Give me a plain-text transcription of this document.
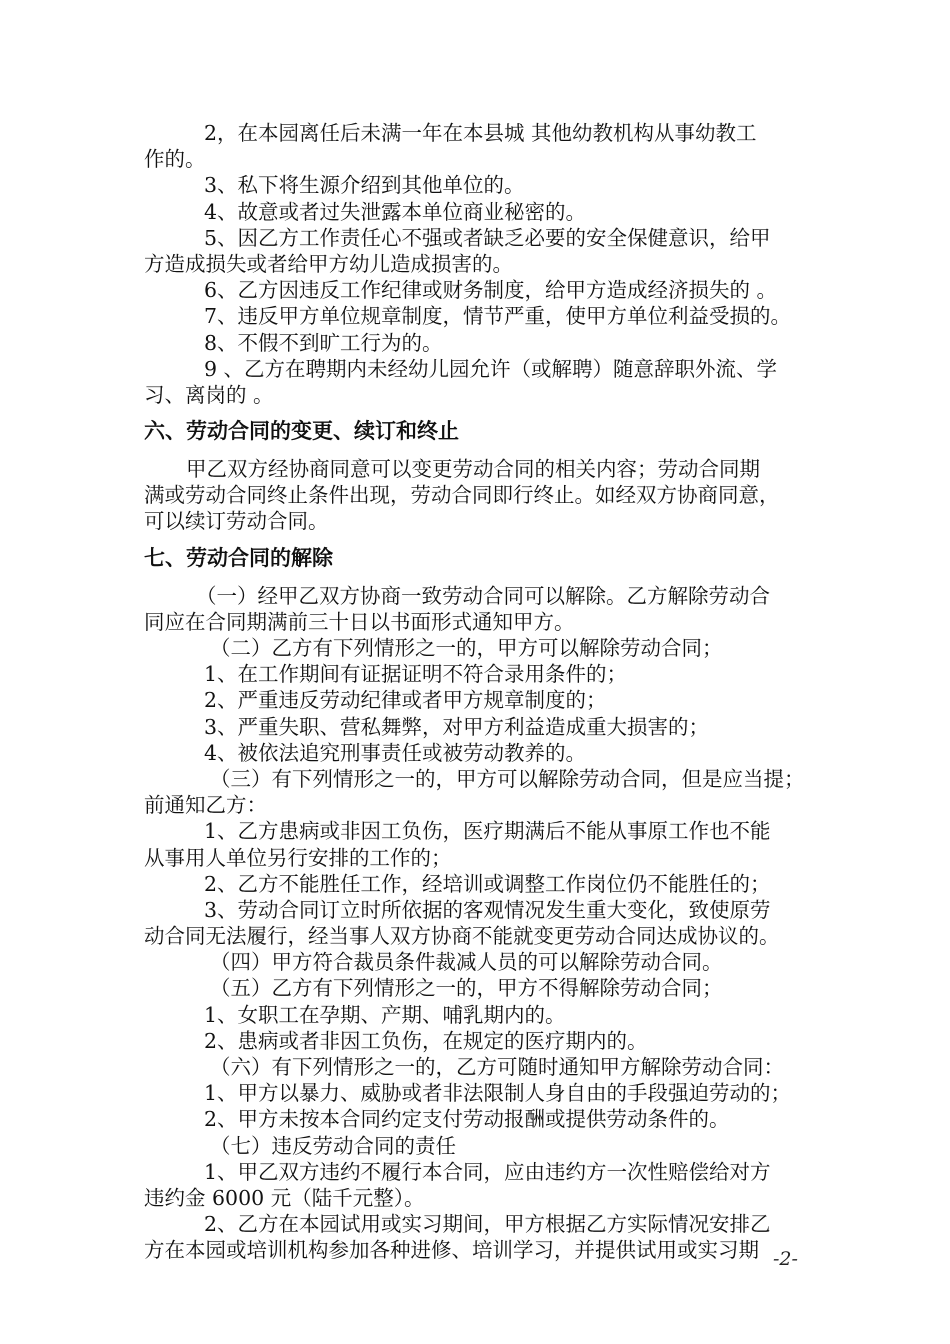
2，在本园离任后未满一年在本县城 其他幼教机构从事幼教工
作的。
3、私下将生源介绍到其他单位的。
4、故意或者过失泄露本单位商业秘密的。
5、因乙方工作责任心不强或者缺乏必要的安全保健意识，给甲
方造成损失或者给甲方幼儿造成损害的。
6、乙方因违反工作纪律或财务制度，给甲方造成经济损失的 。
7、违反甲方单位规章制度，情节严重，使甲方单位利益受损的。
8、不假不到旷工行为的。
9 、乙方在聘期内未经幼儿园允许（或解聘）随意辞职外流、学
习、离岗的 。
六、劳动合同的变更、续订和终止
甲乙双方经协商同意可以变更劳动合同的相关内容；劳动合同期
满或劳动合同终止条件出现，劳动合同即行终止。如经双方协商同意，
可以续订劳动合同。
七、劳动合同的解除
（一）经甲乙双方协商一致劳动合同可以解除。乙方解除劳动合
同应在合同期满前三十日以书面形式通知甲方。
（二）乙方有下列情形之一的，甲方可以解除劳动合同；
1、在工作期间有证据证明不符合录用条件的；
2、严重违反劳动纪律或者甲方规章制度的；
3、严重失职、营私舞弊，对甲方利益造成重大损害的；
4、被依法追究刑事责任或被劳动教养的。
（三）有下列情形之一的，甲方可以解除劳动合同，但是应当提；
前通知乙方：
1、乙方患病或非因工负伤，医疗期满后不能从事原工作也不能
从事用人单位另行安排的工作的；
2、乙方不能胜任工作，经培训或调整工作岗位仍不能胜任的；
3、劳动合同订立时所依据的客观情况发生重大变化，致使原劳
动合同无法履行，经当事人双方协商不能就变更劳动合同达成协议的。
（四）甲方符合裁员条件裁减人员的可以解除劳动合同。
（五）乙方有下列情形之一的，甲方不得解除劳动合同；
1、女职工在孕期、产期、哺乳期内的。
2、患病或者非因工负伤，在规定的医疗期内的。
（六）有下列情形之一的，乙方可随时通知甲方解除劳动合同：
1、甲方以暴力、威胁或者非法限制人身自由的手段强迫劳动的；
2、甲方未按本合同约定支付劳动报酬或提供劳动条件的。
（七）违反劳动合同的责任
1、甲乙双方违约不履行本合同，应由违约方一次性赔偿给对方
违约金 6000 元（陆千元整）。
2、乙方在本园试用或实习期间，甲方根据乙方实际情况安排乙
方在本园或培训机构参加各种进修、培训学习，并提供试用或实习期 -2-
